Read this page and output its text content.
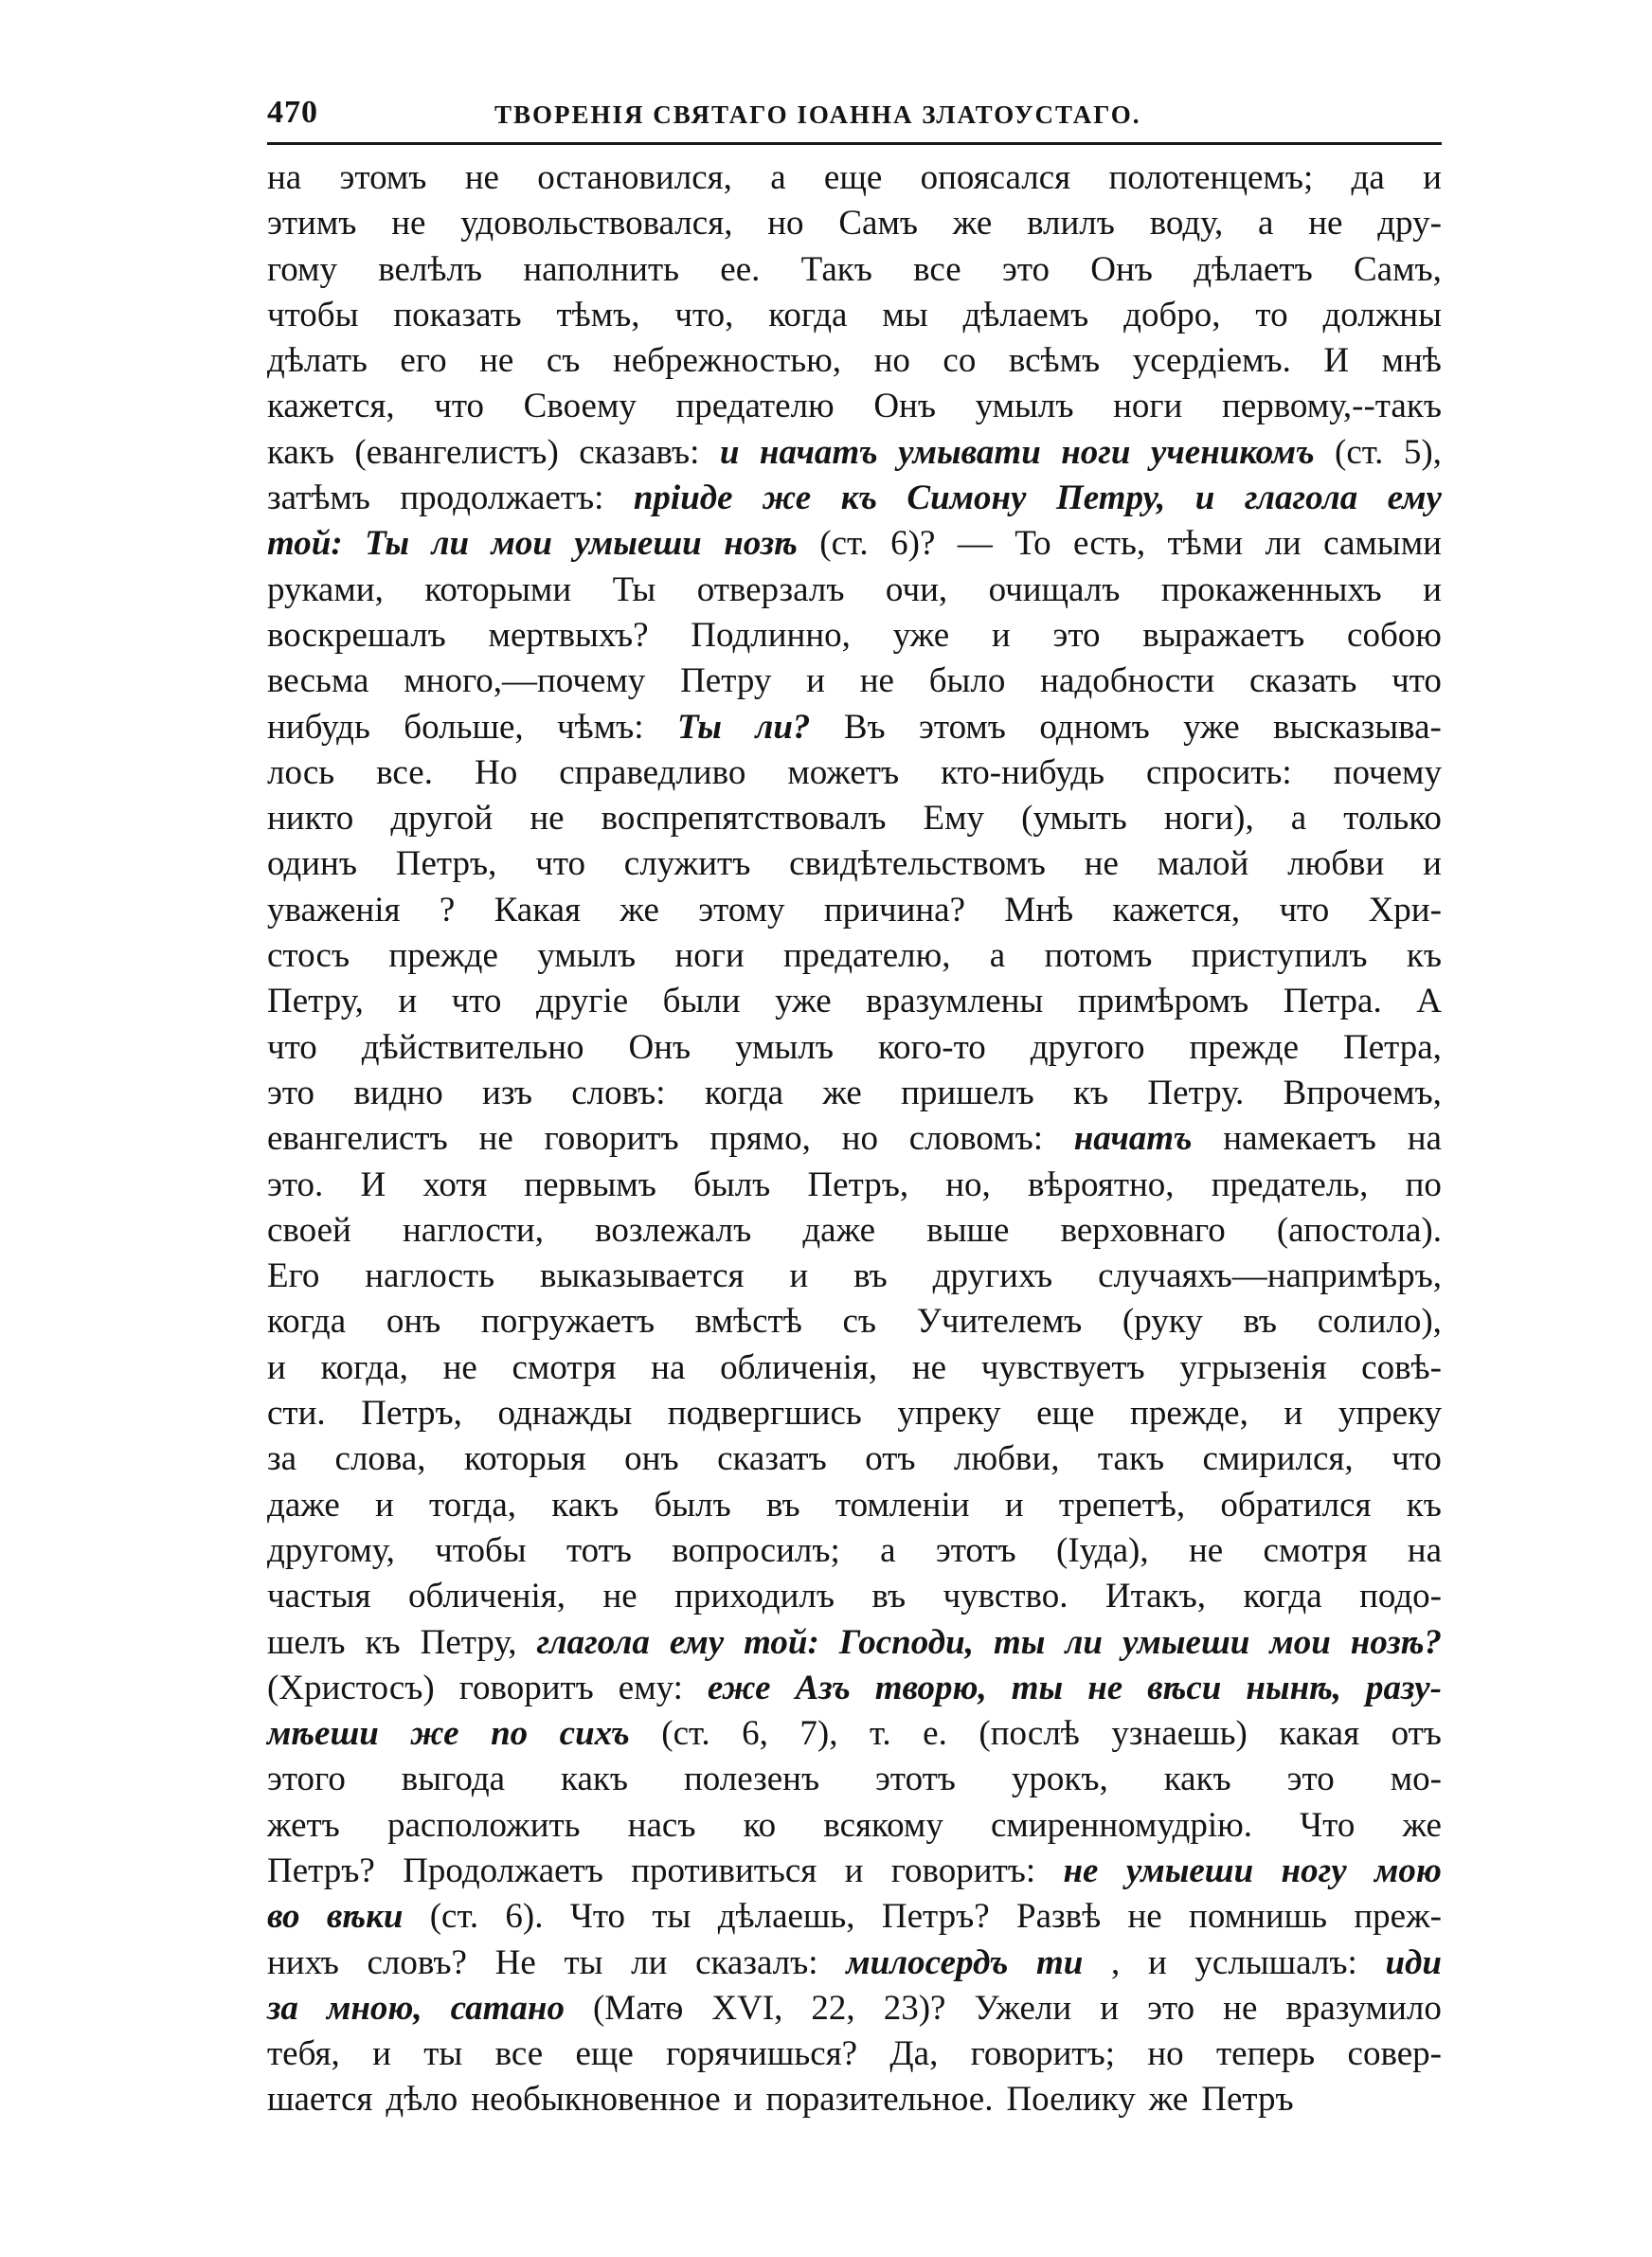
470	ТВОРЕНІЯ СВЯТАГО ІОАННА ЗЛАТОУСТАГО.
на этомъ не остановился, а еще опоясался полотенцемъ; да и
этимъ не удовольствовался, но Самъ же влилъ воду, а не дру-
гому велѣлъ наполнить ее. Такъ все это Онъ дѣлаетъ Самъ,
чтобы показать тѣмъ, что, когда мы дѣлаемъ добро, то должны
дѣлать его не съ небрежностью, но со всѣмъ усердіемъ. И мнѣ
кажется, что Своему предателю Онъ умылъ ноги первому,--такъ
какъ (евангелистъ) сказавъ: и начатъ умывати ноги ученикомъ (ст. 5),
затѣмъ продолжаетъ: пріиде же къ Симону Петру, и глагола ему
той: Ты ли мои умыеши нозѣ (ст. 6)? — То есть, тѣми ли самыми
руками, которыми Ты отверзалъ очи, очищалъ прокаженныхъ и
воскрешалъ мертвыхъ? Подлинно, уже и это выражаетъ собою
весьма много,—почему Петру и не было надобности сказать что
нибудь больше, чѣмъ: Ты ли? Въ этомъ одномъ уже высказыва-
лось все. Но справедливо можетъ кто-нибудь спросить: почему
никто другой не воспрепятствовалъ Ему (умыть ноги), а только
одинъ Петръ, что служитъ свидѣтельствомъ не малой любви и
уваженія ? Какая же этому причина? Мнѣ кажется, что Хри-
стосъ прежде умылъ ноги предателю, а потомъ приступилъ къ
Петру, и что другіе были уже вразумлены примѣромъ Петра. А
что дѣйствительно Онъ умылъ кого-то другого прежде Петра,
это видно изъ словъ: когда же пришелъ къ Петру. Впрочемъ,
евангелистъ не говоритъ прямо, но словомъ: начатъ намекаетъ на
это. И хотя первымъ былъ Петръ, но, вѣроятно, предатель, по
своей наглости, возлежалъ даже выше верховнаго (апостола).
Его наглость выказывается и въ другихъ случаяхъ—напримѣръ,
когда онъ погружаетъ вмѣстѣ съ Учителемъ (руку въ солило),
и когда, не смотря на обличенія, не чувствуетъ угрызенія совѣ-
сти. Петръ, однажды подвергшись упреку еще прежде, и упреку
за слова, которыя онъ сказатъ отъ любви, такъ смирился, что
даже и тогда, какъ былъ въ томленіи и трепетѣ, обратился къ
другому, чтобы тотъ вопросилъ; а этотъ (Іуда), не смотря на
частыя обличенія, не приходилъ въ чувство. Итакъ, когда подо-
шелъ къ Петру, глагола ему той: Господи, ты ли умыеши мои нозѣ?
(Христосъ) говоритъ ему: еже Азъ творю, ты не вѣси нынѣ, разу-
мѣеши же по сихъ (ст. 6, 7), т. е. (послѣ узнаешь) какая отъ
этого выгода какъ полезенъ этотъ урокъ, какъ это мо-
жетъ расположить насъ ко всякому смиренномудрію. Что же
Петръ? Продолжаетъ противиться и говоритъ: не умыеши ногу мою
во вѣки (ст. 6). Что ты дѣлаешь, Петръ? Развѣ не помнишь преж-
нихъ словъ? Не ты ли сказалъ: милосердъ ти , и услышалъ: иди
за мною, сатано (Матѳ XVI, 22, 23)? Ужели и это не вразумило
тебя, и ты все еще горячишься? Да, говоритъ; но теперь совер-
шается дѣло необыкновенное и поразительное. Поелику же Петръ
